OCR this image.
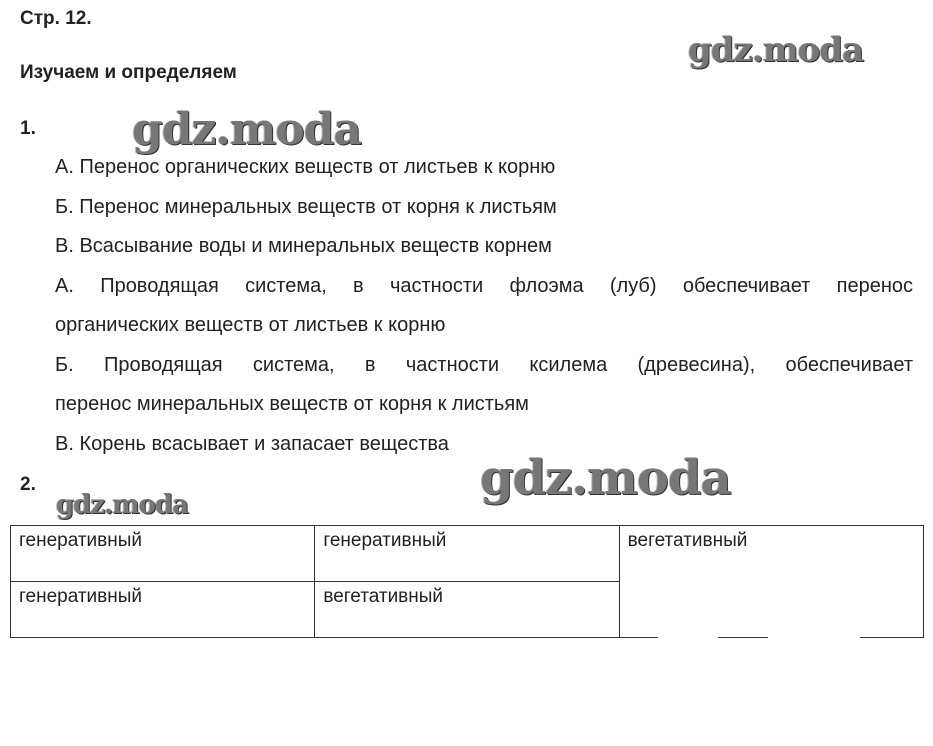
Стр. 12.
Изучаем и определяем
1.
А. Перенос органических веществ от листьев к корню
Б. Перенос минеральных веществ от корня к листьям
В. Всасывание воды и минеральных веществ корнем
А. Проводящая система, в частности флоэма (луб) обеспечивает перенос
органических веществ от листьев к корню
Б. Проводящая система, в частности ксилема (древесина), обеспечивает
перенос минеральных веществ от корня к листьям
В. Корень всасывает и запасает вещества
2.
генеративный	генеративный	вегетативный
генеративный	вегетативный	
gdz.moda
gdz.moda
gdz.moda
gdz.moda
